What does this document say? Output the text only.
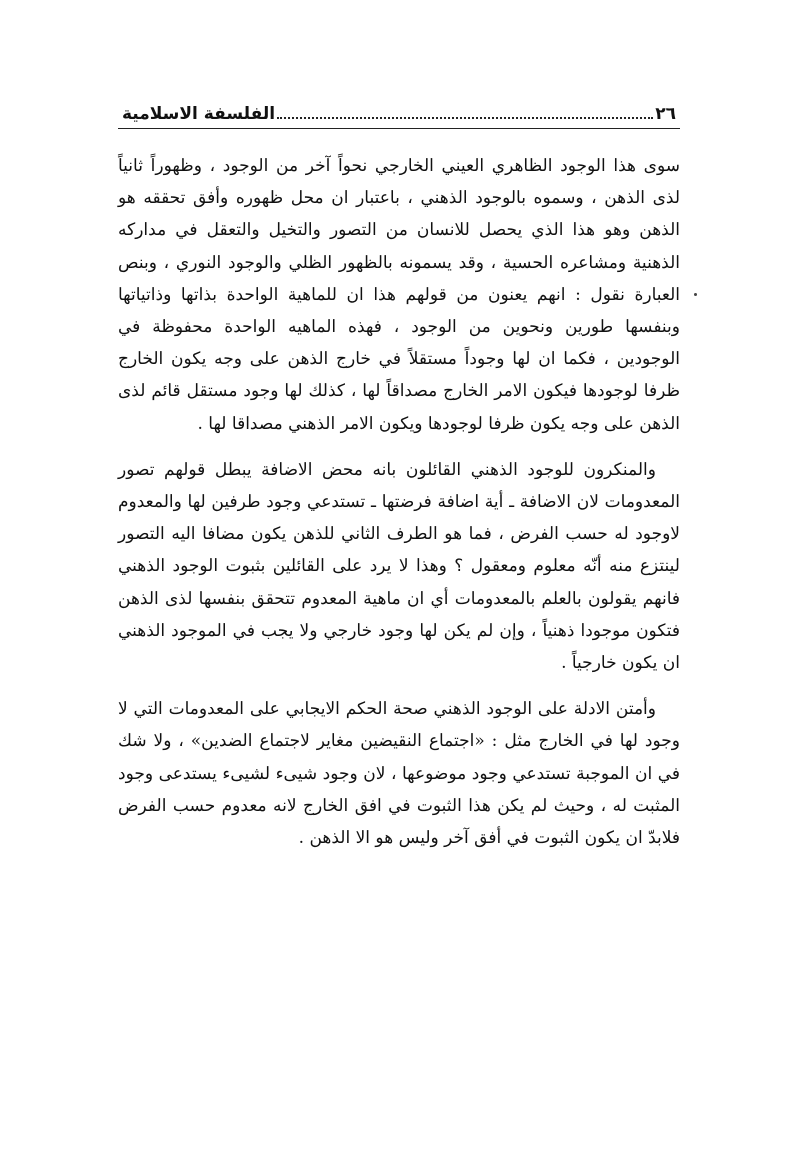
٢٦
الفلسفة الاسلامية

سوى هذا الوجود الظاهري العيني الخارجي نحواً آخر من الوجود ، وظهوراً ثانياً لذى الذهن ، وسموه بالوجود الذهني ، باعتبار ان محل ظهوره وأفق تحققه هو الذهن وهو هذا الذي يحصل للانسان من التصور والتخيل والتعقل في مداركه الذهنية ومشاعره الحسية ، وقد يسمونه بالظهور الظلي والوجود النوري ، وبنص العبارة نقول : انهم يعنون من قولهم هذا ان للماهية الواحدة بذاتها وذاتياتها وبنفسها طورين ونحوين من الوجود ، فهذه الماهيه الواحدة محفوظة في الوجودين ، فكما ان لها وجوداً مستقلاً في خارج الذهن على وجه يكون الخارج ظرفا لوجودها فيكون الامر الخارج مصداقاً لها ، كذلك لها وجود مستقل قائم لذى الذهن على وجه يكون ظرفا لوجودها ويكون الامر الذهني مصداقا لها .

والمنكرون للوجود الذهني القائلون بانه محض الاضافة يبطل قولهم تصور المعدومات لان الاضافة ـ أية اضافة فرضتها ـ تستدعي وجود طرفين لها والمعدوم لاوجود له حسب الفرض ، فما هو الطرف الثاني للذهن يكون مضافا اليه التصور لينتزع منه أنّه معلوم ومعقول ؟ وهذا لا يرد على القائلين بثبوت الوجود الذهني فانهم يقولون بالعلم بالمعدومات أي ان ماهية المعدوم تتحقق بنفسها لذى الذهن فتكون موجودا ذهنياً ، وإن لم يكن لها وجود خارجي ولا يجب في الموجود الذهني ان يكون خارجياً .

وأمتن الادلة على الوجود الذهني صحة الحكم الايجابي على المعدومات التي لا وجود لها في الخارج مثل : «اجتماع النقيضين مغاير لاجتماع الضدين» ، ولا شك في ان الموجبة تستدعي وجود موضوعها ، لان وجود شيىء لشيىء يستدعى وجود المثبت له ، وحيث لم يكن هذا الثبوت في افق الخارج لانه معدوم حسب الفرض فلابدّ ان يكون الثبوت في أفق آخر وليس هو الا الذهن .
